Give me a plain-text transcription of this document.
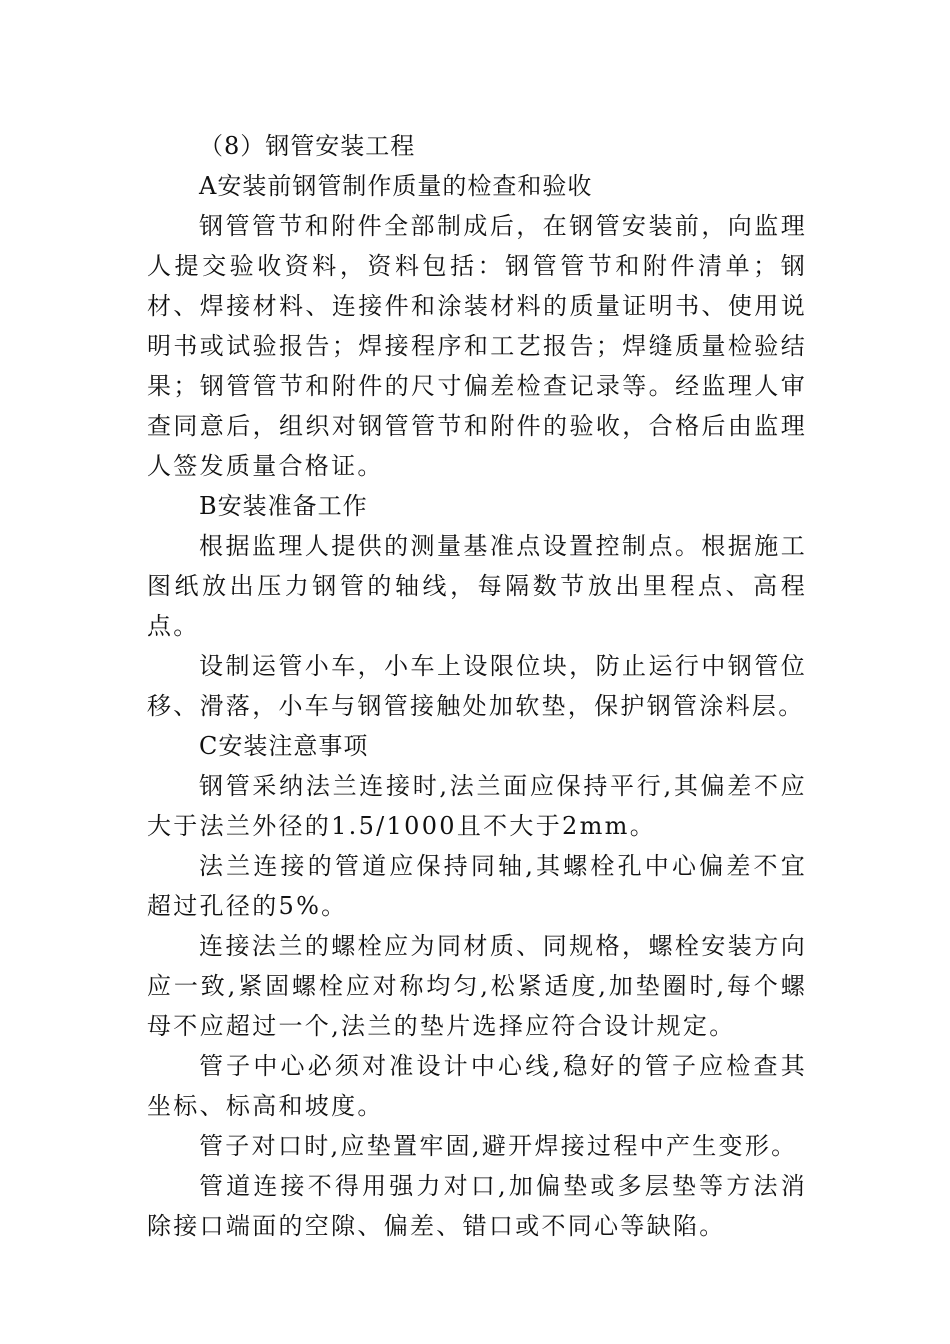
（8）钢管安装工程

A安装前钢管制作质量的检查和验收

钢管管节和附件全部制成后，在钢管安装前，向监理人提交验收资料，资料包括：钢管管节和附件清单；钢材、焊接材料、连接件和涂装材料的质量证明书、使用说明书或试验报告；焊接程序和工艺报告；焊缝质量检验结果；钢管管节和附件的尺寸偏差检查记录等。经监理人审查同意后，组织对钢管管节和附件的验收，合格后由监理人签发质量合格证。

B安装准备工作

根据监理人提供的测量基准点设置控制点。根据施工图纸放出压力钢管的轴线，每隔数节放出里程点、高程点。

设制运管小车，小车上设限位块，防止运行中钢管位移、滑落，小车与钢管接触处加软垫，保护钢管涂料层。

C安装注意事项

钢管采纳法兰连接时,法兰面应保持平行,其偏差不应大于法兰外径的1.5/1000且不大于2mm。

法兰连接的管道应保持同轴,其螺栓孔中心偏差不宜超过孔径的5%。

连接法兰的螺栓应为同材质、同规格，螺栓安装方向应一致,紧固螺栓应对称均匀,松紧适度,加垫圈时,每个螺母不应超过一个,法兰的垫片选择应符合设计规定。

管子中心必须对准设计中心线,稳好的管子应检查其坐标、标高和坡度。

管子对口时,应垫置牢固,避开焊接过程中产生变形。

管道连接不得用强力对口,加偏垫或多层垫等方法消除接口端面的空隙、偏差、错口或不同心等缺陷。
